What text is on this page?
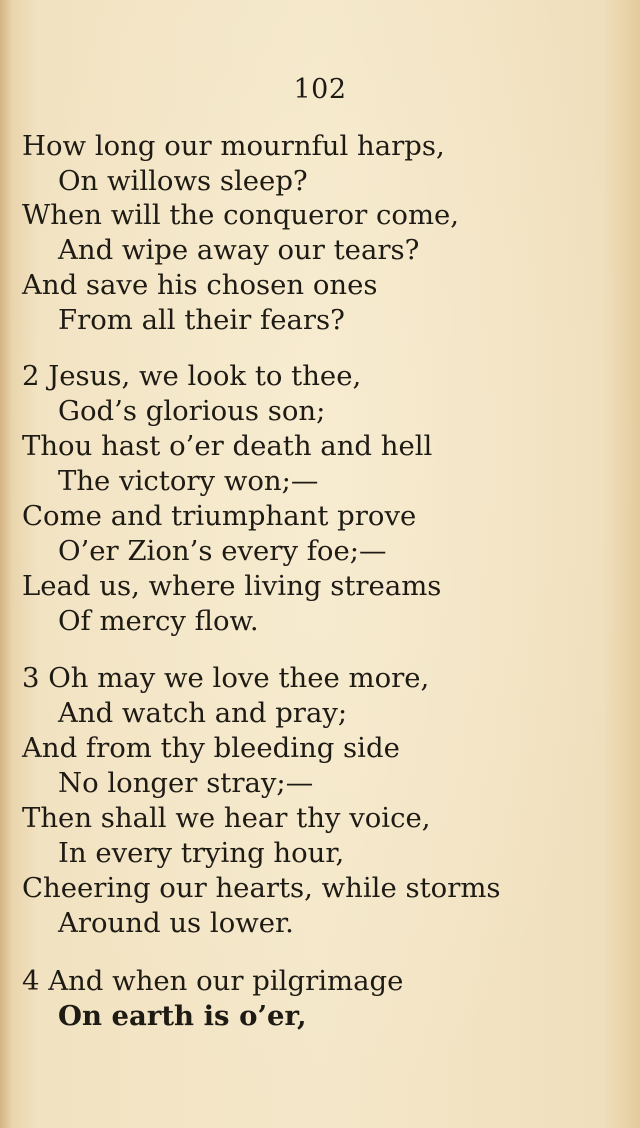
102
How long our mournful harps,
On willows sleep?
When will the conqueror come,
And wipe away our tears?
And save his chosen ones
From all their fears?
2 Jesus, we look to thee,
God’s glorious son;
Thou hast o’er death and hell
The victory won;—
Come and triumphant prove
O’er Zion’s every foe;—
Lead us, where living streams
Of mercy flow.
3 Oh may we love thee more,
And watch and pray;
And from thy bleeding side
No longer stray;—
Then shall we hear thy voice,
In every trying hour,
Cheering our hearts, while storms
Around us lower.
4 And when our pilgrimage
On earth is o’er,
